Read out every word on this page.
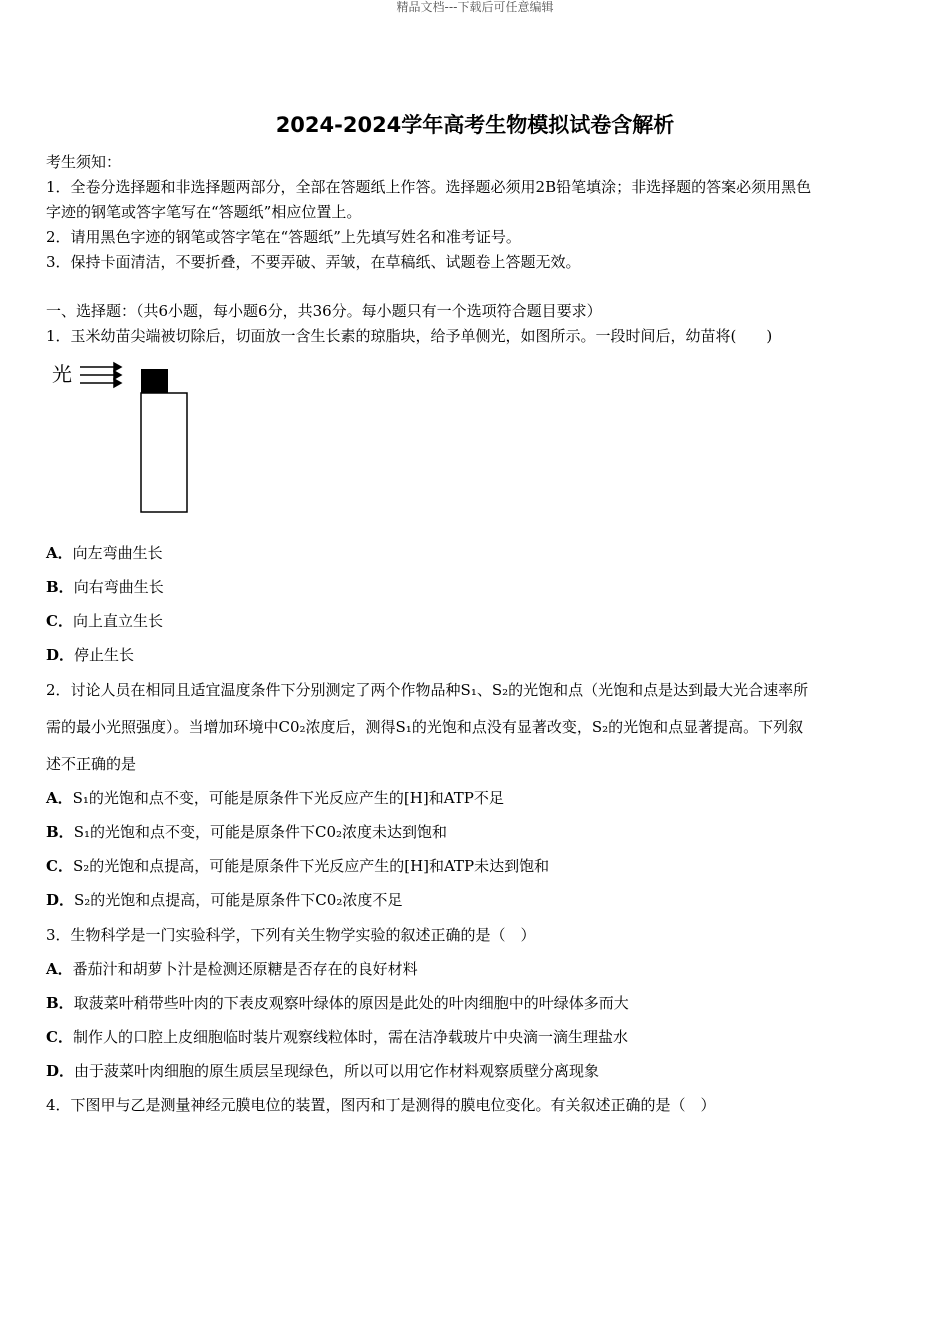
精品文档---下载后可任意编辑
2024-2024学年高考生物模拟试卷含解析
考生须知：
1．全卷分选择题和非选择题两部分，全部在答题纸上作答。选择题必须用2B铅笔填涂；非选择题的答案必须用黑色
字迹的钢笔或答字笔写在“答题纸”相应位置上。
2．请用黑色字迹的钢笔或答字笔在“答题纸”上先填写姓名和准考证号。
3．保持卡面清洁，不要折叠，不要弄破、弄皱，在草稿纸、试题卷上答题无效。
一、选择题：（共6小题，每小题6分，共36分。每小题只有一个选项符合题目要求）
1．玉米幼苗尖端被切除后，切面放一含生长素的琼脂块，给予单侧光，如图所示。一段时间后，幼苗将(　　)
光
A．向左弯曲生长
B．向右弯曲生长
C．向上直立生长
D．停止生长
2．讨论人员在相同且适宜温度条件下分别测定了两个作物品种S₁、S₂的光饱和点（光饱和点是达到最大光合速率所
需的最小光照强度）。当增加环境中C0₂浓度后，测得S₁的光饱和点没有显著改变，S₂的光饱和点显著提高。下列叙
述不正确的是
A．S₁的光饱和点不变，可能是原条件下光反应产生的[H]和ATP不足
B．S₁的光饱和点不变，可能是原条件下C0₂浓度未达到饱和
C．S₂的光饱和点提高，可能是原条件下光反应产生的[H]和ATP未达到饱和
D．S₂的光饱和点提高，可能是原条件下C0₂浓度不足
3．生物科学是一门实验科学，下列有关生物学实验的叙述正确的是（　）
A．番茄汁和胡萝卜汁是检测还原糖是否存在的良好材料
B．取菠菜叶稍带些叶肉的下表皮观察叶绿体的原因是此处的叶肉细胞中的叶绿体多而大
C．制作人的口腔上皮细胞临时装片观察线粒体时，需在洁净载玻片中央滴一滴生理盐水
D．由于菠菜叶肉细胞的原生质层呈现绿色，所以可以用它作材料观察质壁分离现象
4．下图甲与乙是测量神经元膜电位的装置，图丙和丁是测得的膜电位变化。有关叙述正确的是（　）
